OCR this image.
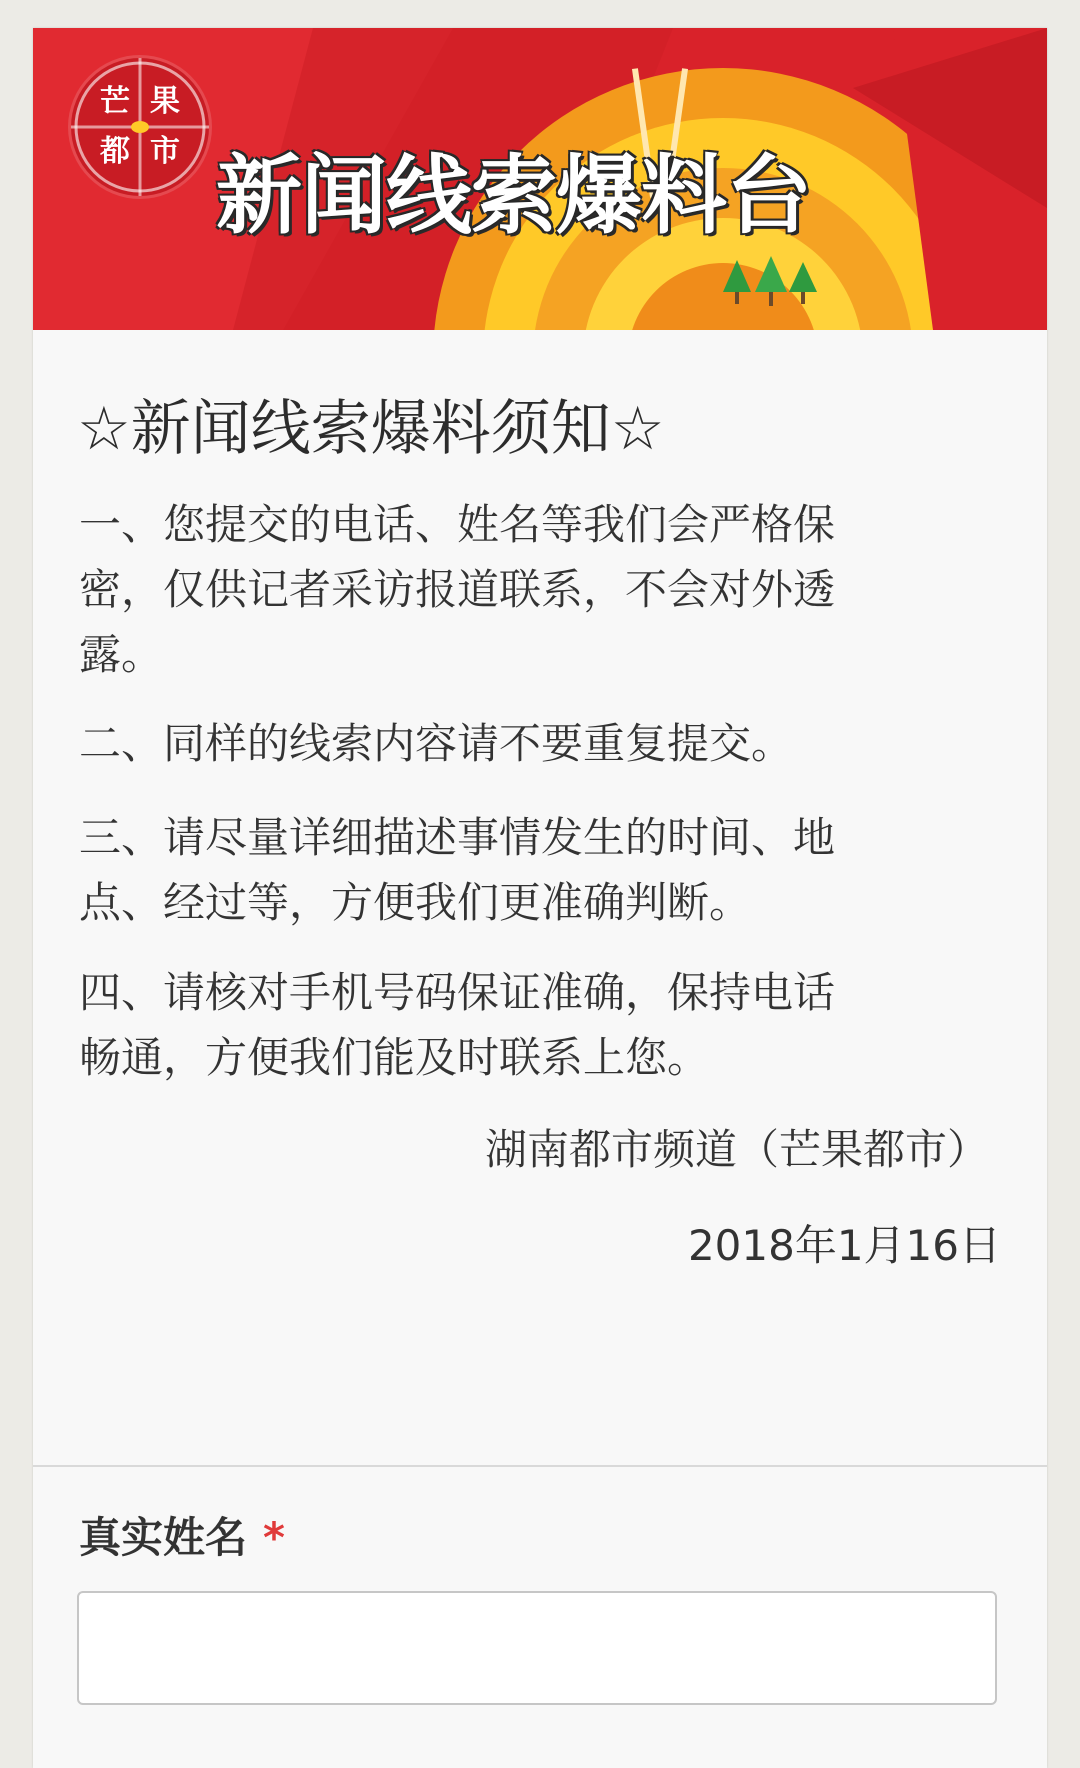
芒 果
都 市 新闻线索爆料台
☆新闻线索爆料须知☆

一、您提交的电话、姓名等我们会严格保
密，仅供记者采访报道联系，不会对外透
露。

二、同样的线索内容请不要重复提交。

三、请尽量详细描述事情发生的时间、地
点、经过等，方便我们更准确判断。

四、请核对手机号码保证准确，保持电话
畅通，方便我们能及时联系上您。

湖南都市频道（芒果都市）
2018年1月16日
真实姓名 *
